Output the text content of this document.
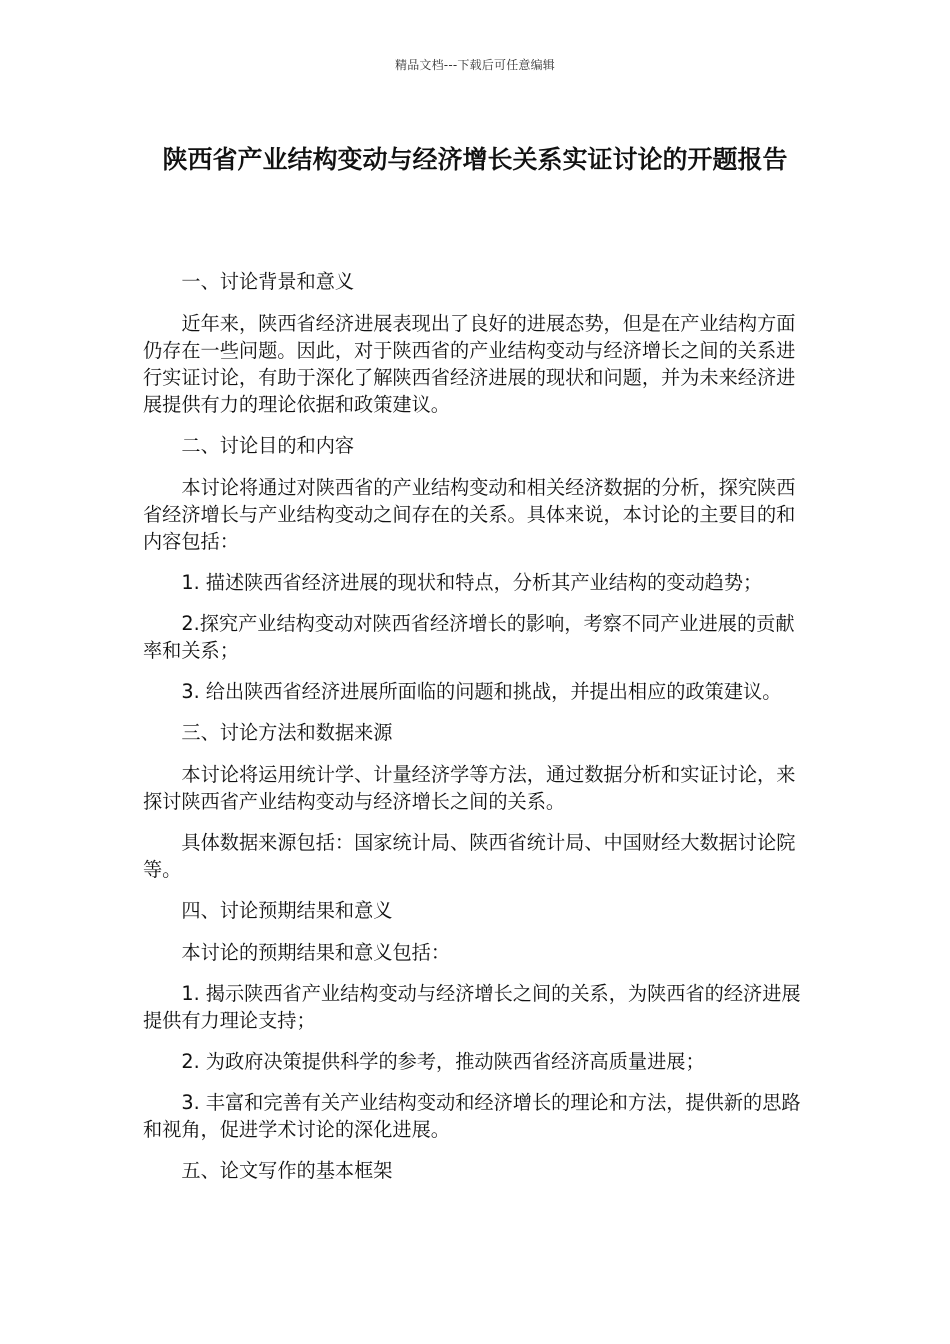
精品文档---下载后可任意编辑
陕西省产业结构变动与经济增长关系实证讨论的开题报告

一、讨论背景和意义

近年来，陕西省经济进展表现出了良好的进展态势，但是在产业结构方面仍存在一些问题。因此，对于陕西省的产业结构变动与经济增长之间的关系进行实证讨论，有助于深化了解陕西省经济进展的现状和问题，并为未来经济进展提供有力的理论依据和政策建议。

二、讨论目的和内容

本讨论将通过对陕西省的产业结构变动和相关经济数据的分析，探究陕西省经济增长与产业结构变动之间存在的关系。具体来说，本讨论的主要目的和内容包括：

1. 描述陕西省经济进展的现状和特点，分析其产业结构的变动趋势；

2.探究产业结构变动对陕西省经济增长的影响，考察不同产业进展的贡献率和关系；

3. 给出陕西省经济进展所面临的问题和挑战，并提出相应的政策建议。

三、讨论方法和数据来源

本讨论将运用统计学、计量经济学等方法，通过数据分析和实证讨论，来探讨陕西省产业结构变动与经济增长之间的关系。

具体数据来源包括：国家统计局、陕西省统计局、中国财经大数据讨论院等。

四、讨论预期结果和意义

本讨论的预期结果和意义包括：

1. 揭示陕西省产业结构变动与经济增长之间的关系，为陕西省的经济进展提供有力理论支持；

2. 为政府决策提供科学的参考，推动陕西省经济高质量进展；

3. 丰富和完善有关产业结构变动和经济增长的理论和方法，提供新的思路和视角，促进学术讨论的深化进展。

五、论文写作的基本框架
